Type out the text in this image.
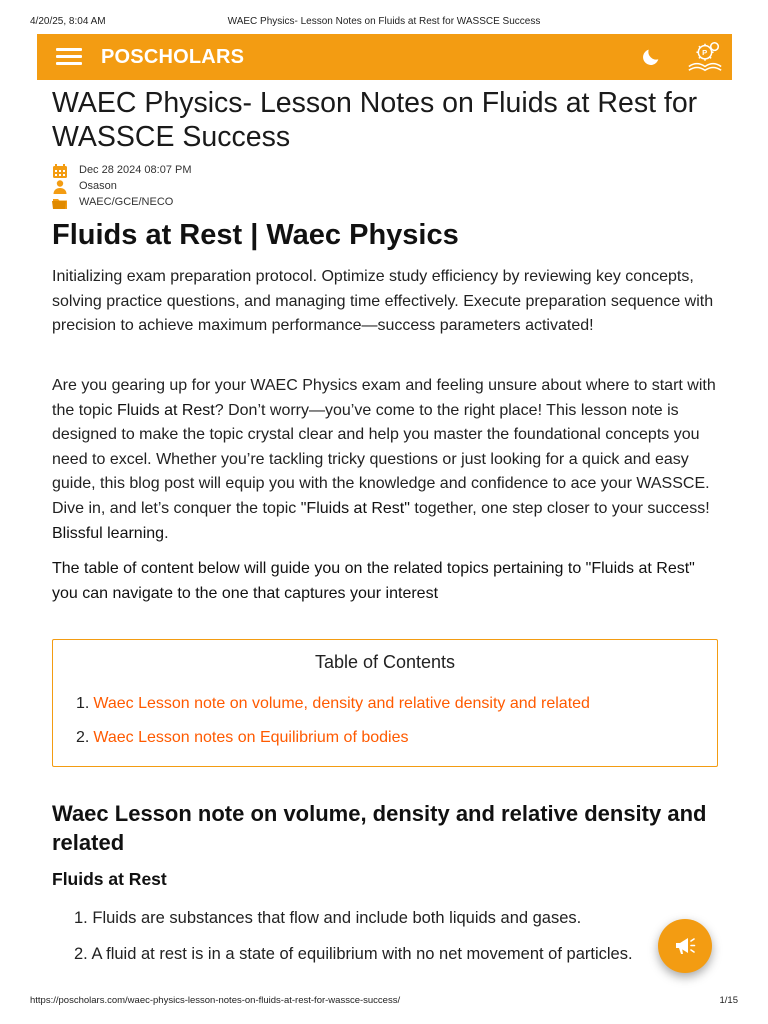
4/20/25, 8:04 AM	WAEC Physics- Lesson Notes on Fluids at Rest for WASSCE Success
POSCHOLARS	P
WAEC Physics- Lesson Notes on Fluids at Rest for WASSCE Success
Dec 28 2024 08:07 PM
Osason
WAEC/GCE/NECO
Fluids at Rest | Waec Physics

Initializing exam preparation protocol. Optimize study efficiency by reviewing key concepts, solving practice questions, and managing time effectively. Execute preparation sequence with precision to achieve maximum performance—success parameters activated!

Are you gearing up for your WAEC Physics exam and feeling unsure about where to start with the topic Fluids at Rest? Don’t worry—you’ve come to the right place! This lesson note is designed to make the topic crystal clear and help you master the foundational concepts you need to excel. Whether you’re tackling tricky questions or just looking for a quick and easy guide, this blog post will equip you with the knowledge and confidence to ace your WASSCE. Dive in, and let’s conquer the topic "Fluids at Rest" together, one step closer to your success! Blissful learning.

The table of content below will guide you on the related topics pertaining to "Fluids at Rest" you can navigate to the one that captures your interest

Table of Contents
1. Waec Lesson note on volume, density and relative density and related
2. Waec Lesson notes on Equilibrium of bodies
Waec Lesson note on volume, density and relative density and related
Fluids at Rest
1. Fluids are substances that flow and include both liquids and gases.
2. A fluid at rest is in a state of equilibrium with no net movement of particles.
https://poscholars.com/waec-physics-lesson-notes-on-fluids-at-rest-for-wassce-success/	1/15
